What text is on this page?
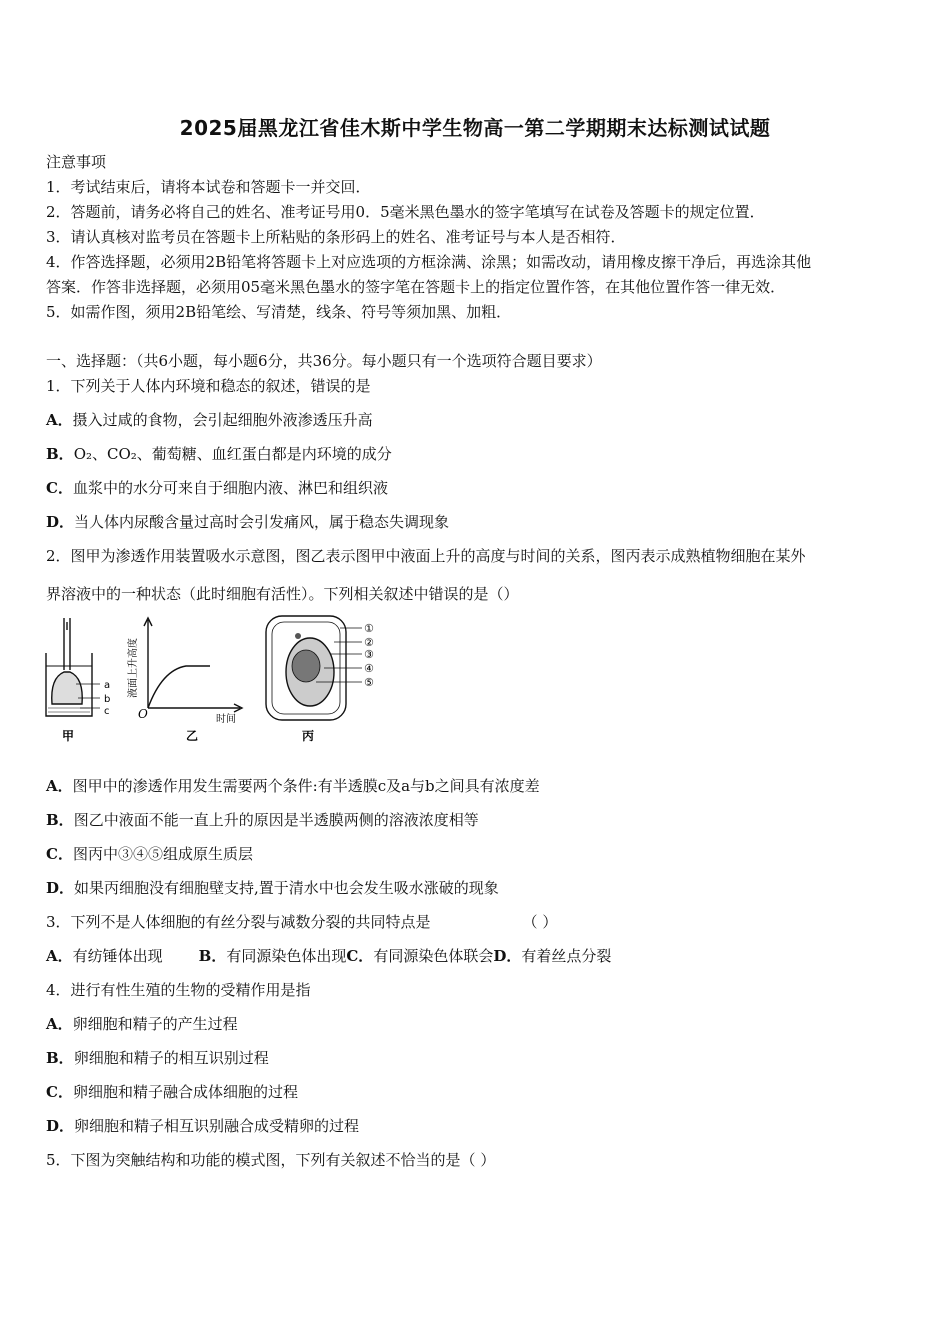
2025届黑龙江省佳木斯中学生物高一第二学期期末达标测试试题
注意事项
1．考试结束后，请将本试卷和答题卡一并交回．
2．答题前，请务必将自己的姓名、准考证号用0．5毫米黑色墨水的签字笔填写在试卷及答题卡的规定位置．
3．请认真核对监考员在答题卡上所粘贴的条形码上的姓名、准考证号与本人是否相符．
4．作答选择题，必须用2B铅笔将答题卡上对应选项的方框涂满、涂黑；如需改动，请用橡皮擦干净后，再选涂其他
答案．作答非选择题，必须用05毫米黑色墨水的签字笔在答题卡上的指定位置作答，在其他位置作答一律无效．
5．如需作图，须用2B铅笔绘、写清楚，线条、符号等须加黑、加粗．
一、选择题：（共6小题，每小题6分，共36分。每小题只有一个选项符合题目要求）
1．下列关于人体内环境和稳态的叙述，错误的是
A．摄入过咸的食物，会引起细胞外液渗透压升高
B．O₂、CO₂、葡萄糖、血红蛋白都是内环境的成分
C．血浆中的水分可来自于细胞内液、淋巴和组织液
D．当人体内尿酸含量过高时会引发痛风，属于稳态失调现象
2．图甲为渗透作用装置吸水示意图，图乙表示图甲中液面上升的高度与时间的关系，图丙表示成熟植物细胞在某外
界溶液中的一种状态（此时细胞有活性）。下列相关叙述中错误的是（）
a
b
c
甲
液面上升高度
时间
O
乙
①
②
③
④
⑤
丙
A．图甲中的渗透作用发生需要两个条件:有半透膜c及a与b之间具有浓度差
B．图乙中液面不能一直上升的原因是半透膜两侧的溶液浓度相等
C．图丙中③④⑤组成原生质层
D．如果丙细胞没有细胞壁支持,置于清水中也会发生吸水涨破的现象
3．下列不是人体细胞的有丝分裂与减数分裂的共同特点是	（ ）
A．有纺锤体出现 B．有同源染色体出现C．有同源染色体联会D．有着丝点分裂
4．进行有性生殖的生物的受精作用是指
A．卵细胞和精子的产生过程
B．卵细胞和精子的相互识别过程
C．卵细胞和精子融合成体细胞的过程
D．卵细胞和精子相互识别融合成受精卵的过程
5．下图为突触结构和功能的模式图，下列有关叙述不恰当的是（ ）
